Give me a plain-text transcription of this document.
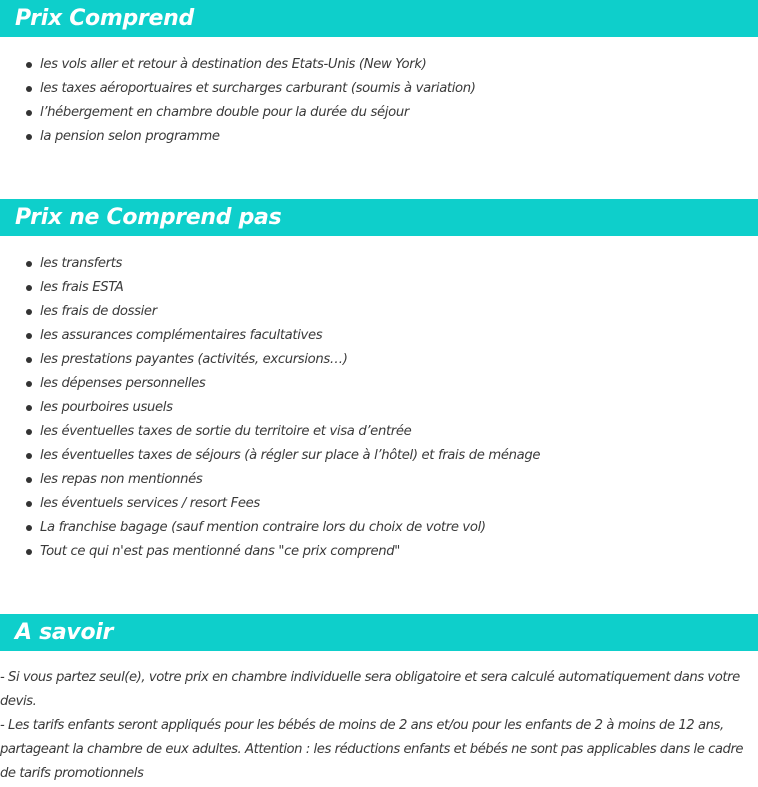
Prix Comprend
les vols aller et retour à destination des Etats-Unis (New York)
les taxes aéroportuaires et surcharges carburant (soumis à variation)
l’hébergement en chambre double pour la durée du séjour
la pension selon programme
Prix ne Comprend pas
les transferts
les frais ESTA
les frais de dossier
les assurances complémentaires facultatives
les prestations payantes (activités, excursions…)
les dépenses personnelles
les pourboires usuels
les éventuelles taxes de sortie du territoire et visa d’entrée
les éventuelles taxes de séjours (à régler sur place à l’hôtel) et frais de ménage
les repas non mentionnés
les éventuels services / resort Fees
La franchise bagage (sauf mention contraire lors du choix de votre vol)
Tout ce qui n'est pas mentionné dans "ce prix comprend"
A savoir

- Si vous partez seul(e), votre prix en chambre individuelle sera obligatoire et sera calculé automatiquement dans votre devis.

- Les tarifs enfants seront appliqués pour les bébés de moins de 2 ans et/ou pour les enfants de 2 à moins de 12 ans, partageant la chambre de eux adultes. Attention : les réductions enfants et bébés ne sont pas applicables dans le cadre de tarifs promotionnels
